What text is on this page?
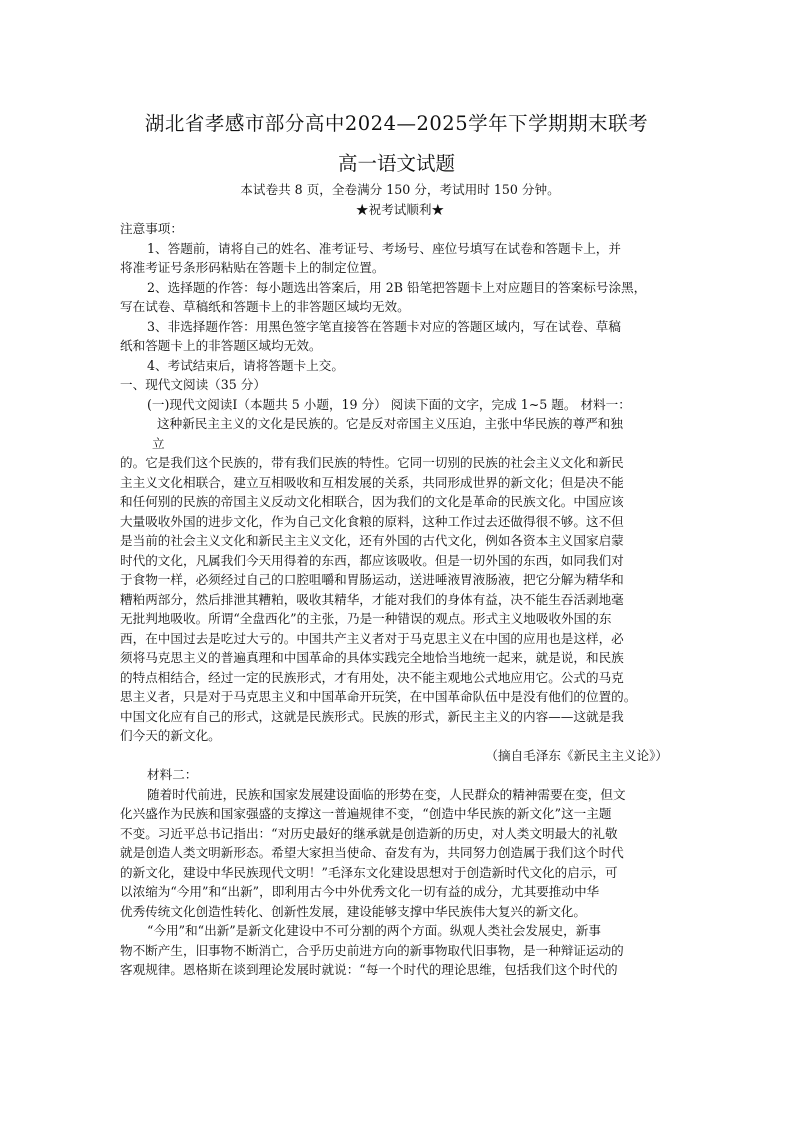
湖北省孝感市部分高中2024—2025学年下学期期末联考
高一语文试题

本试卷共 8 页，全卷满分 150 分，考试用时 150 分钟。

★祝考试顺利★

注意事项：

1、答题前，请将自己的姓名、准考证号、考场号、座位号填写在试卷和答题卡上，并

将准考证号条形码粘贴在答题卡上的制定位置。

2、选择题的作答：每小题选出答案后，用 2B 铅笔把答题卡上对应题目的答案标号涂黑，

写在试卷、草稿纸和答题卡上的非答题区域均无效。

3、非选择题作答：用黑色签字笔直接答在答题卡对应的答题区域内，写在试卷、草稿

纸和答题卡上的非答题区域均无效。

4、考试结束后，请将答题卡上交。

一、现代文阅读（35 分）

(一)现代文阅读Ⅰ（本题共 5 小题，19 分） 阅读下面的文字，完成 1~5 题。 材料一：

这种新民主主义的文化是民族的。它是反对帝国主义压迫，主张中华民族的尊严和独

立

的。它是我们这个民族的，带有我们民族的特性。它同一切别的民族的社会主义文化和新民

主主义文化相联合，建立互相吸收和互相发展的关系，共同形成世界的新文化；但是决不能

和任何别的民族的帝国主义反动文化相联合，因为我们的文化是革命的民族文化。中国应该

大量吸收外国的进步文化，作为自己文化食粮的原料，这种工作过去还做得很不够。这不但

是当前的社会主义文化和新民主主义文化，还有外国的古代文化，例如各资本主义国家启蒙

时代的文化，凡属我们今天用得着的东西，都应该吸收。但是一切外国的东西，如同我们对

于食物一样，必须经过自己的口腔咀嚼和胃肠运动，送进唾液胃液肠液，把它分解为精华和

糟粕两部分，然后排泄其糟粕，吸收其精华，才能对我们的身体有益，决不能生吞活剥地毫

无批判地吸收。所谓“全盘西化”的主张，乃是一种错误的观点。形式主义地吸收外国的东

西，在中国过去是吃过大亏的。中国共产主义者对于马克思主义在中国的应用也是这样，必

须将马克思主义的普遍真理和中国革命的具体实践完全地恰当地统一起来，就是说，和民族

的特点相结合，经过一定的民族形式，才有用处，决不能主观地公式地应用它。公式的马克

思主义者，只是对于马克思主义和中国革命开玩笑，在中国革命队伍中是没有他们的位置的。

中国文化应有自己的形式，这就是民族形式。民族的形式，新民主主义的内容——这就是我

们今天的新文化。

（摘自毛泽东《新民主主义论》）

材料二：

随着时代前进，民族和国家发展建设面临的形势在变，人民群众的精神需要在变，但文

化兴盛作为民族和国家强盛的支撑这一普遍规律不变，“创造中华民族的新文化”这一主题

不变。习近平总书记指出：“对历史最好的继承就是创造新的历史，对人类文明最大的礼敬

就是创造人类文明新形态。希望大家担当使命、奋发有为，共同努力创造属于我们这个时代

的新文化，建设中华民族现代文明！”毛泽东文化建设思想对于创造新时代文化的启示，可

以浓缩为“今用”和“出新”，即利用古今中外优秀文化一切有益的成分，尤其要推动中华

优秀传统文化创造性转化、创新性发展，建设能够支撑中华民族伟大复兴的新文化。

“今用”和“出新”是新文化建设中不可分割的两个方面。纵观人类社会发展史，新事

物不断产生，旧事物不断消亡，合乎历史前进方向的新事物取代旧事物，是一种辩证运动的

客观规律。恩格斯在谈到理论发展时就说：“每一个时代的理论思维，包括我们这个时代的
